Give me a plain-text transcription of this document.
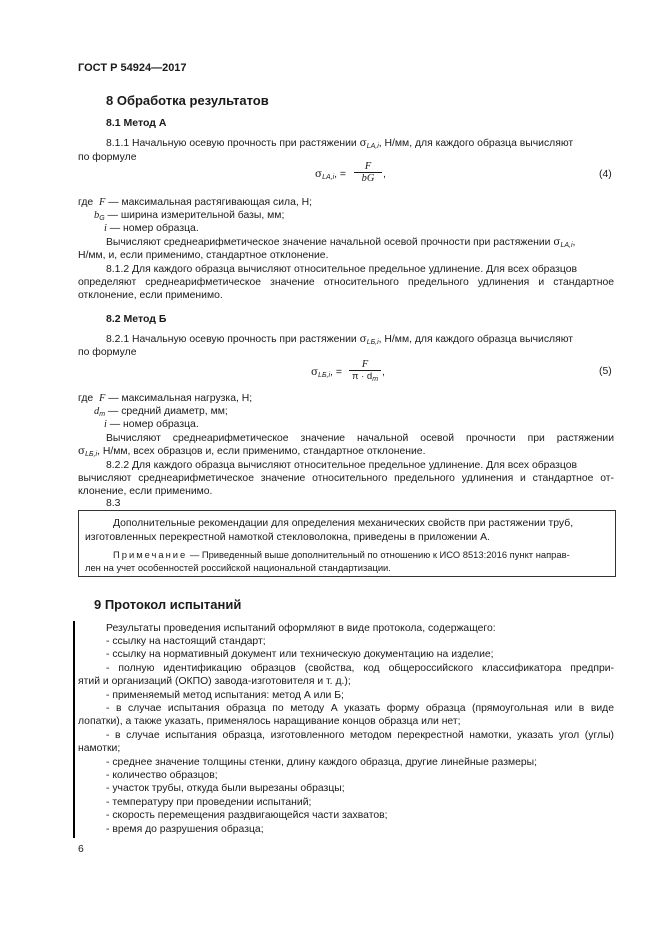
ГОСТ Р 54924—2017
8 Обработка результатов
8.1 Метод А
8.1.1 Начальную осевую прочность при растяжении $\sigma_{LA,i}$, Н/мм, для каждого образца вычисляют
по формуле
$\sigma_{LA,i}$, = $\frac{F}{bG}$ ,	(4)
где F — максимальная растягивающая сила, Н;
$b_G$ — ширина измерительной базы, мм;
i — номер образца.
Вычисляют среднеарифметическое значение начальной осевой прочности при растяжении $\sigma_{LA,i}$,
Н/мм, и, если применимо, стандартное отклонение.
8.1.2 Для каждого образца вычисляют относительное предельное удлинение. Для всех образцов
определяют среднеарифметическое значение относительного предельного удлинения и стандартное
отклонение, если применимо.
8.2 Метод Б
8.2.1 Начальную осевую прочность при растяжении $\sigma_{LБ,i}$, Н/мм, для каждого образца вычисляют
по формуле
$\sigma_{LБ,i}$, = $\frac{F}{\pi \cdot d_m}$ ,	(5)
где F — максимальная нагрузка, Н;
$d_m$ — средний диаметр, мм;
i — номер образца.
Вычисляют среднеарифметическое значение начальной осевой прочности при растяжении
$\sigma_{LБ,i}$, Н/мм, всех образцов и, если применимо, стандартное отклонение.
8.2.2 Для каждого образца вычисляют относительное предельное удлинение. Для всех образцов
вычисляют среднеарифметическое значение относительного предельного удлинения и стандартное от-
клонение, если применимо.
8.3
Дополнительные рекомендации для определения механических свойств при растяжении труб,
изготовленных перекрестной намоткой стекловолокна, приведены в приложении А.
Примечание — Приведенный выше дополнительный по отношению к ИСО 8513:2016 пункт направ-
лен на учет особенностей российской национальной стандартизации.
9 Протокол испытаний
Результаты проведения испытаний оформляют в виде протокола, содержащего:
- ссылку на настоящий стандарт;
- ссылку на нормативный документ или техническую документацию на изделие;
- полную идентификацию образцов (свойства, код общероссийского классификатора предпри-
ятий и организаций (ОКПО) завода-изготовителя и т. д.);
- применяемый метод испытания: метод А или Б;
- в случае испытания образца по методу А указать форму образца (прямоугольная или в виде
лопатки), а также указать, применялось наращивание концов образца или нет;
- в случае испытания образца, изготовленного методом перекрестной намотки, указать угол (углы)
намотки;
- среднее значение толщины стенки, длину каждого образца, другие линейные размеры;
- количество образцов;
- участок трубы, откуда были вырезаны образцы;
- температуру при проведении испытаний;
- скорость перемещения раздвигающейся части захватов;
- время до разрушения образца;
6
